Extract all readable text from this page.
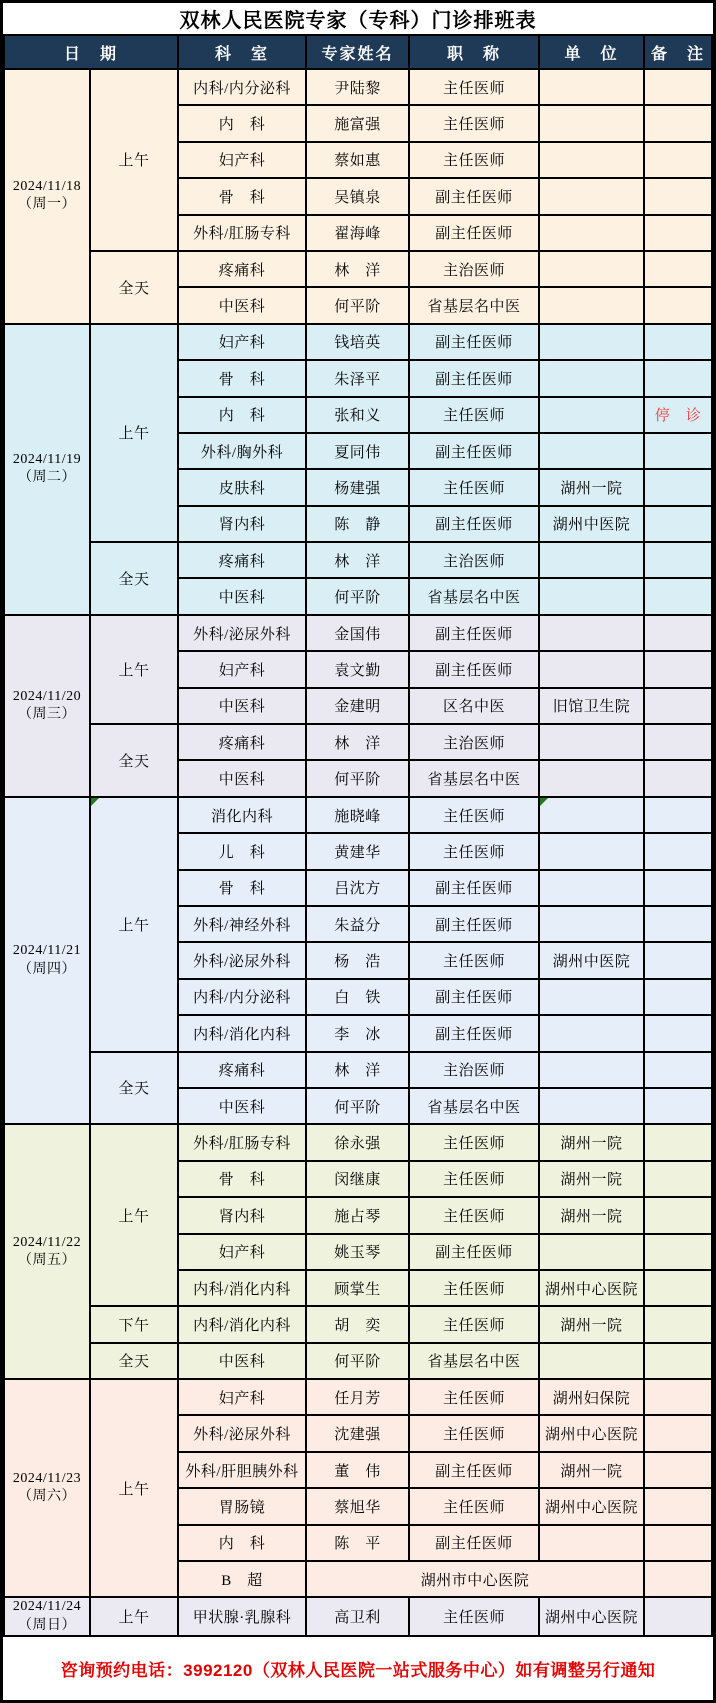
双林人民医院专家（专科）门诊排班表
日　期		科　室	专家姓名	职　称	单　位	备　注

2024/11/18
（周一）	上午	内科/内分泌科	尹陆黎	主任医师		
		内　科	施富强	主任医师		
		妇产科	蔡如惠	主任医师		
		骨　科	吴镇泉	副主任医师		
		外科/肛肠专科	翟海峰	副主任医师		
	全天	疼痛科	林　洋	主治医师		
		中医科	何平阶	省基层名中医		

2024/11/19
（周二）	上午	妇产科	钱培英	副主任医师		
		骨　科	朱泽平	副主任医师		
		内　科	张和义	主任医师		停　诊
		外科/胸外科	夏同伟	副主任医师		
		皮肤科	杨建强	主任医师	湖州一院	
		肾内科	陈　静	副主任医师	湖州中医院	
	全天	疼痛科	林　洋	主治医师		
		中医科	何平阶	省基层名中医		

2024/11/20
（周三）	上午	外科/泌尿外科	金国伟	副主任医师		
		妇产科	袁文勤	副主任医师		
		中医科	金建明	区名中医	旧馆卫生院	
	全天	疼痛科	林　洋	主治医师		
		中医科	何平阶	省基层名中医		

2024/11/21
（周四）	上午	消化内科	施晓峰	主任医师	

		儿　科	黄建华	主任医师		
		骨　科	吕沈方	副主任医师		
		外科/神经外科	朱益分	副主任医师		
		外科/泌尿外科	杨　浩	主任医师	湖州中医院	
		内科/内分泌科	白　铁	副主任医师		
		内科/消化内科	李　冰	副主任医师		
	全天	疼痛科	林　洋	主治医师		
		中医科	何平阶	省基层名中医		

2024/11/22
（周五）	上午	外科/肛肠专科	徐永强	主任医师	湖州一院	
		骨　科	闵继康	主任医师	湖州一院	
		肾内科	施占琴	主任医师	湖州一院	
		妇产科	姚玉琴	副主任医师		
		内科/消化内科	顾掌生	主任医师	湖州中心医院	
	下午	内科/消化内科	胡　奕	主任医师	湖州一院	
	全天	中医科	何平阶	省基层名中医		

2024/11/23
（周六）	上午	妇产科	任月芳	主任医师	湖州妇保院	
		外科/泌尿外科	沈建强	主任医师	湖州中心医院	
		外科/肝胆胰外科	董　伟	副主任医师	湖州一院	
		胃肠镜	蔡旭华	主任医师	湖州中心医院	
		内　科	陈　平	副主任医师		
		B　超	湖州市中心医院			

2024/11/24
（周日）	上午	甲状腺·乳腺科	高卫利	主任医师	湖州中心医院	
咨询预约电话：3992120（双林人民医院一站式服务中心）如有调整另行通知
